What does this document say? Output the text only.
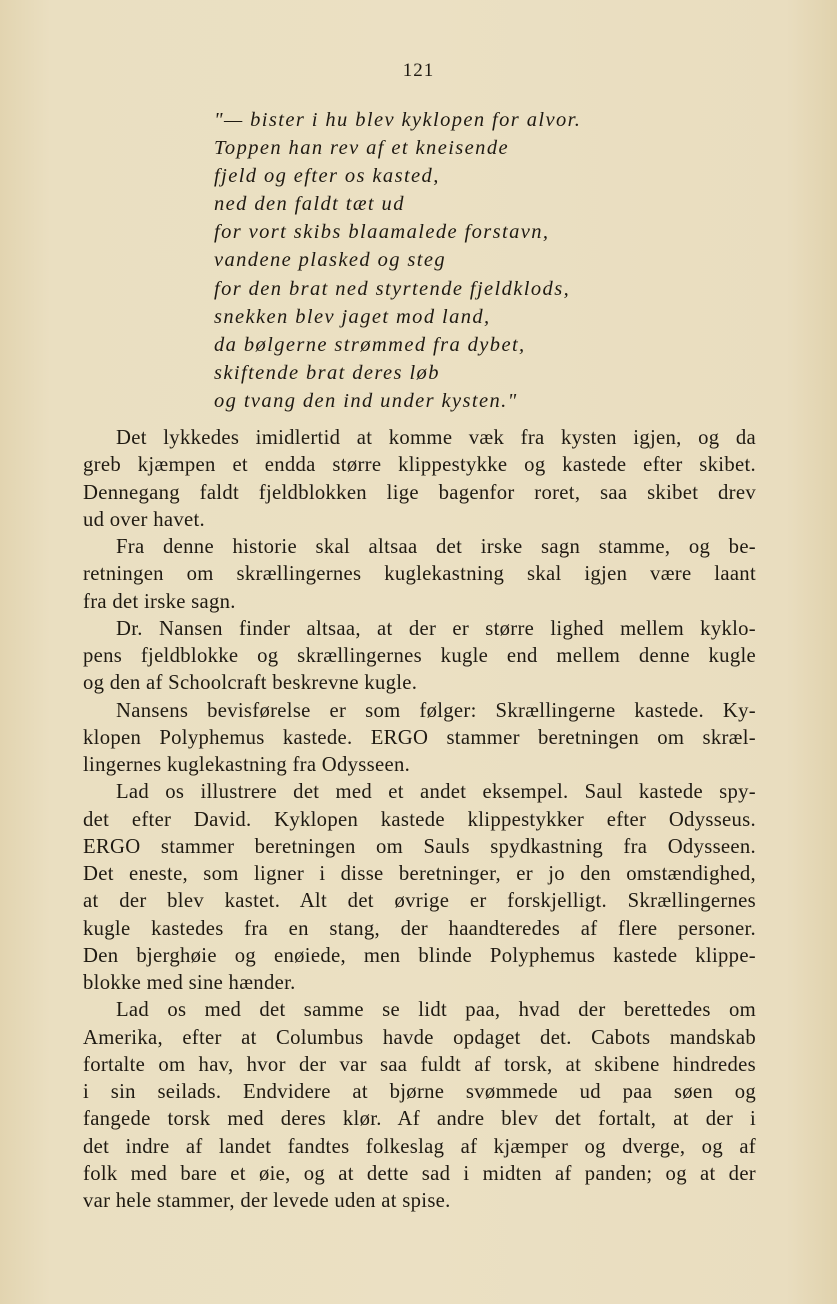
121
"— bister i hu blev kyklopen for alvor.
Toppen han rev af et kneisende
fjeld og efter os kasted,
ned den faldt tæt ud
for vort skibs blaamalede forstavn,
vandene plasked og steg
for den brat ned styrtende fjeldklods,
snekken blev jaget mod land,
da bølgerne strømmed fra dybet,
skiftende brat deres løb
og tvang den ind under kysten."
Det lykkedes imidlertid at komme væk fra kysten igjen, og da
greb kjæmpen et endda større klippestykke og kastede efter skibet.
Dennegang faldt fjeldblokken lige bagenfor roret, saa skibet drev
ud over havet.
Fra denne historie skal altsaa det irske sagn stamme, og be-
retningen om skrællingernes kuglekastning skal igjen være laant
fra det irske sagn.
Dr. Nansen finder altsaa, at der er større lighed mellem kyklo-
pens fjeldblokke og skrællingernes kugle end mellem denne kugle
og den af Schoolcraft beskrevne kugle.
Nansens bevisførelse er som følger: Skrællingerne kastede. Ky-
klopen Polyphemus kastede. ERGO stammer beretningen om skræl-
lingernes kuglekastning fra Odysseen.
Lad os illustrere det med et andet eksempel. Saul kastede spy-
det efter David. Kyklopen kastede klippestykker efter Odysseus.
ERGO stammer beretningen om Sauls spydkastning fra Odysseen.
Det eneste, som ligner i disse beretninger, er jo den omstændighed,
at der blev kastet. Alt det øvrige er forskjelligt. Skrællingernes
kugle kastedes fra en stang, der haandteredes af flere personer.
Den bjerghøie og enøiede, men blinde Polyphemus kastede klippe-
blokke med sine hænder.
Lad os med det samme se lidt paa, hvad der berettedes om
Amerika, efter at Columbus havde opdaget det. Cabots mandskab
fortalte om hav, hvor der var saa fuldt af torsk, at skibene hindredes
i sin seilads. Endvidere at bjørne svømmede ud paa søen og
fangede torsk med deres klør. Af andre blev det fortalt, at der i
det indre af landet fandtes folkeslag af kjæmper og dverge, og af
folk med bare et øie, og at dette sad i midten af panden; og at der
var hele stammer, der levede uden at spise.
